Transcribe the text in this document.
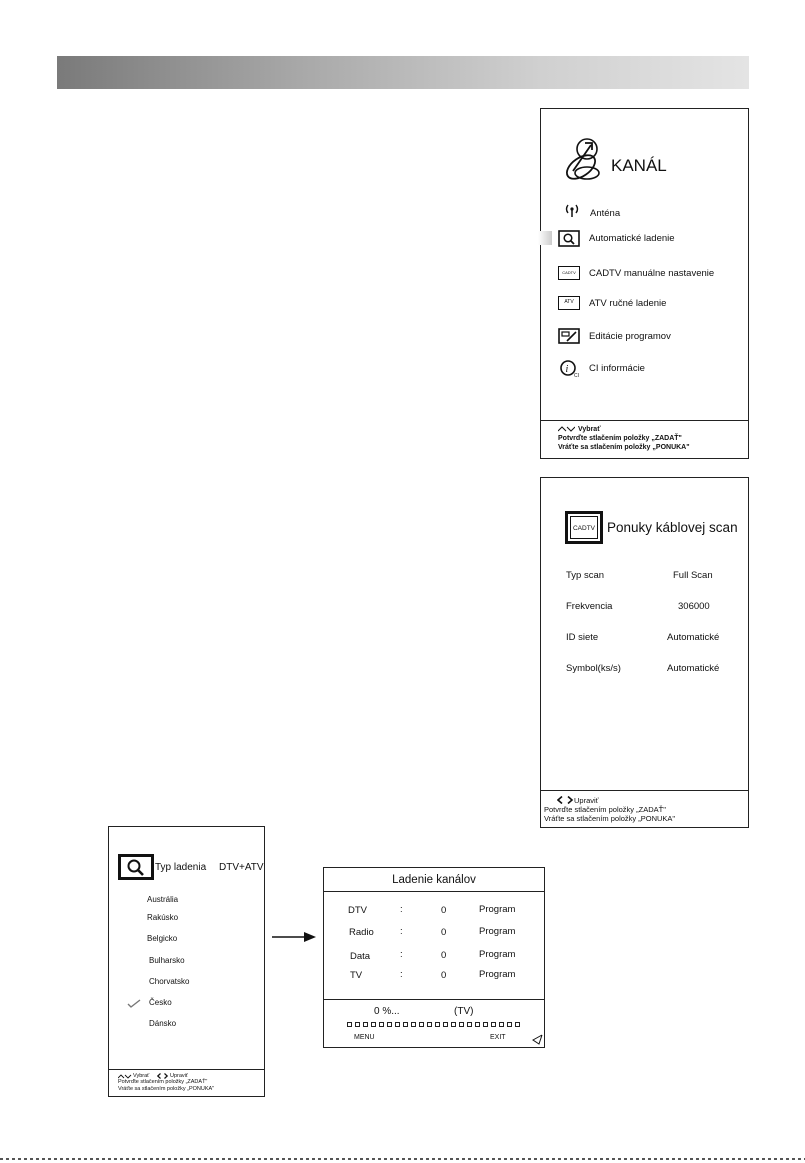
KANÁL
Anténa
Automatické ladenie
CADTV	CADTV manuálne nastavenie
ATV	ATV ručné ladenie
Editácie programov
i
CI
CI informácie
Vybrať
Potvrďte stlačením položky „ZADAŤ"
Vráťte sa stlačením položky „PONUKA"
CADTV Ponuky káblovej scan
Typ scan	Full Scan
Frekvencia	306000
ID siete	Automatické
Symbol(ks/s)	Automatické
Upraviť
Potvrďte stlačením položky „ZADAŤ"
Vráťte sa stlačením položky „PONUKA"
Typ ladenia DTV+ATV
Austrália
Rakúsko
Belgicko
Bulharsko
Chorvatsko
Česko
Dánsko
Vybrať	Upraviť
Potvrďte stlačením položky „ZADAŤ"
Vráťte sa stlačením položky „PONUKA"
Ladenie kanálov
DTV	:	0	Program
Radio	:	0	Program
Data	:	0	Program
TV	:	0	Program
0 %...	(TV)
MENU	EXIT
